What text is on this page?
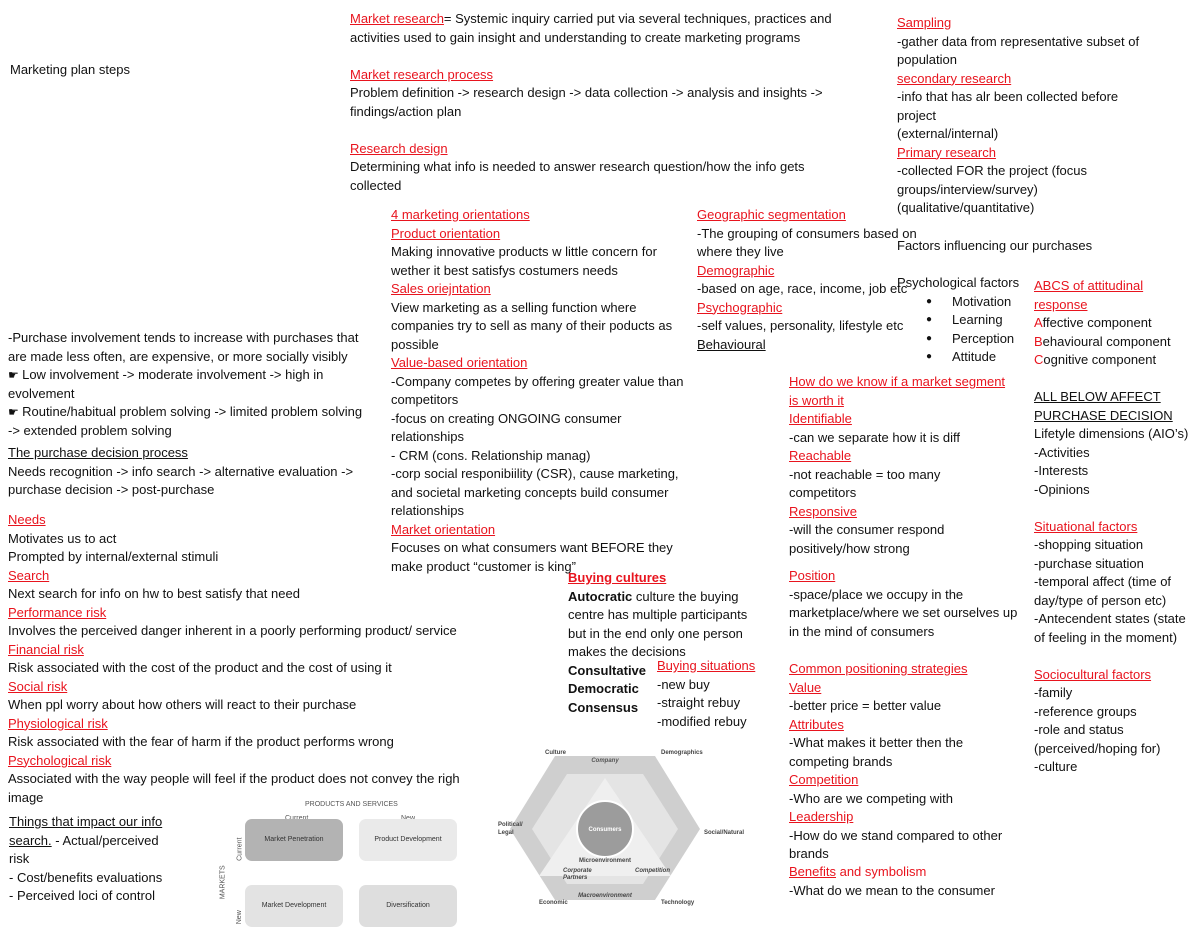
Marketing plan steps
-Purchase involvement tends to increase with purchases that
are made less often, are expensive, or more socially visibly
☛ Low involvement -> moderate involvement -> high in
evolvement
☛ Routine/habitual problem solving -> limited problem solving
-> extended problem solving
The purchase decision process
Needs recognition -> info search -> alternative evaluation ->
purchase decision -> post-purchase
Needs
Motivates us to act
Prompted by internal/external stimuli
Search
Next search for info on hw to best satisfy that need
Performance risk
Involves the perceived danger inherent in a poorly performing product/ service
Financial risk
Risk associated with the cost of the product and the cost of using it
Social risk
When ppl worry about how others will react to their purchase
Physiological risk
Risk associated with the fear of harm if the product performs wrong
Psychological risk
Associated with the way people will feel if the product does not convey the righ
image
Things that impact our info
search. - Actual/perceived
risk
- Cost/benefits evaluations
- Perceived loci of control
Market research= Systemic inquiry carried put via several techniques, practices and
activities used to gain insight and understanding to create marketing programs
Market research process
Problem definition -> research design -> data collection -> analysis and insights ->
findings/action plan
Research design
Determining what info is needed to answer research question/how the info gets
collected
4 marketing orientations
Product orientation
Making innovative products w little concern for
wether it best satisfys costumers needs
Sales oriejntation
View marketing as a selling function where
companies try to sell as many of their poducts as
possible
Value-based orientation
-Company competes by offering greater value than
competitors
-focus on creating ONGOING consumer
relationships
- CRM (cons. Relationship manag)
-corp social responibiility (CSR), cause marketing,
and societal marketing concepts build consumer
relationships
Market orientation
Focuses on what consumers want BEFORE they
make product “customer is king”
Buying cultures
Autocratic culture the buying
centre has multiple participants
but in the end only one person
makes the decisions
Consultative
Democratic
Consensus
Buying situations
-new buy
-straight rebuy
-modified rebuy
Geographic segmentation
-The grouping of consumers based on
where they live
Demographic
-based on age, race, income, job etc
Psychographic
-self values, personality, lifestyle etc
Behavioural
How do we know if a market segment
is worth it
Identifiable
-can we separate how it is diff
Reachable
-not reachable = too many
competitors
Responsive
-will the consumer respond
positively/how strong
Position
-space/place we occupy in the
marketplace/where we set ourselves up
in the mind of consumers
Common positioning strategies
Value
-better price = better value
Attributes
-What makes it better then the
competing brands
Competition
-Who are we competing with
Leadership
-How do we stand compared to other
brands
Benefits and symbolism
-What do we mean to the consumer
Sampling
-gather data from representative subset of
population
secondary research
-info that has alr been collected before
project
(external/internal)
Primary research
-collected FOR the project (focus
groups/interview/survey)
(qualitative/quantitative)
Factors influencing our purchases
Psychological factors
● Motivation
● Learning
● Perception
● Attitude
ABCS of attitudinal
response
Affective component
Behavioural component
Cognitive component
ALL BELOW AFFECT
PURCHASE DECISION
Lifetyle dimensions (AIO’s)
-Activities
-Interests
-Opinions
Situational factors
-shopping situation
-purchase situation
-temporal affect (time of
day/type of person etc)
-Antecendent states (state
of feeling in the moment)
Sociocultural factors
-family
-reference groups
-role and status
(perceived/hoping for)
-culture
PRODUCTS AND SERVICES
MARKETS
Current
New
Market Penetration	Product Development
Market Development	Diversification
Culture	Demographics
Political/
Legal	Social/Natural
Economic	Technology
Company
Consumers
Microenvironment
Corporate
Partners
Competition
Macroenvironment
